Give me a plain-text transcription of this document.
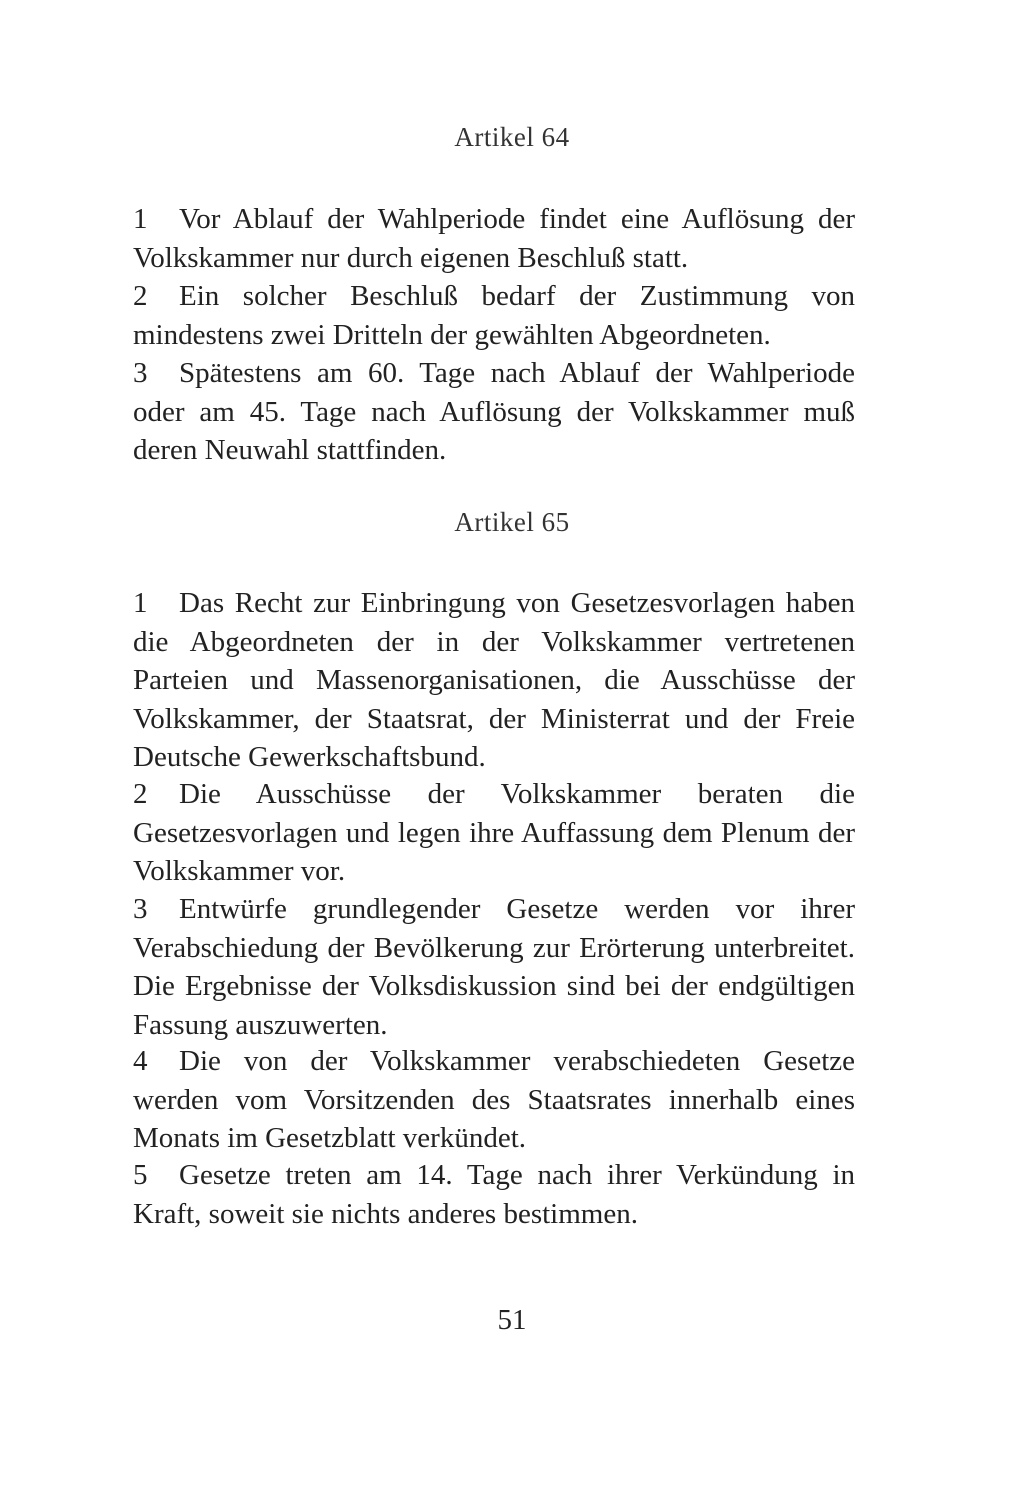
Artikel 64
1 Vor Ablauf der Wahlperiode findet eine Auflösung der Volkskammer nur durch eigenen Beschluß statt.
2 Ein solcher Beschluß bedarf der Zustimmung von mindestens zwei Dritteln der gewählten Abgeordneten.
3 Spätestens am 60. Tage nach Ablauf der Wahlperiode oder am 45. Tage nach Auflösung der Volkskammer muß deren Neuwahl stattfinden.
Artikel 65
1 Das Recht zur Einbringung von Gesetzesvorlagen haben die Abgeordneten der in der Volkskammer vertretenen Parteien und Massenorganisationen, die Ausschüsse der Volkskammer, der Staatsrat, der Ministerrat und der Freie Deutsche Gewerkschaftsbund.
2 Die Ausschüsse der Volkskammer beraten die Gesetzesvorlagen und legen ihre Auffassung dem Plenum der Volkskammer vor.
3 Entwürfe grundlegender Gesetze werden vor ihrer Verabschiedung der Bevölkerung zur Erörterung unterbreitet. Die Ergebnisse der Volksdiskussion sind bei der endgültigen Fassung auszuwerten.
4 Die von der Volkskammer verabschiedeten Gesetze werden vom Vorsitzenden des Staatsrates innerhalb eines Monats im Gesetzblatt verkündet.
5 Gesetze treten am 14. Tage nach ihrer Verkündung in Kraft, soweit sie nichts anderes bestimmen.
51
